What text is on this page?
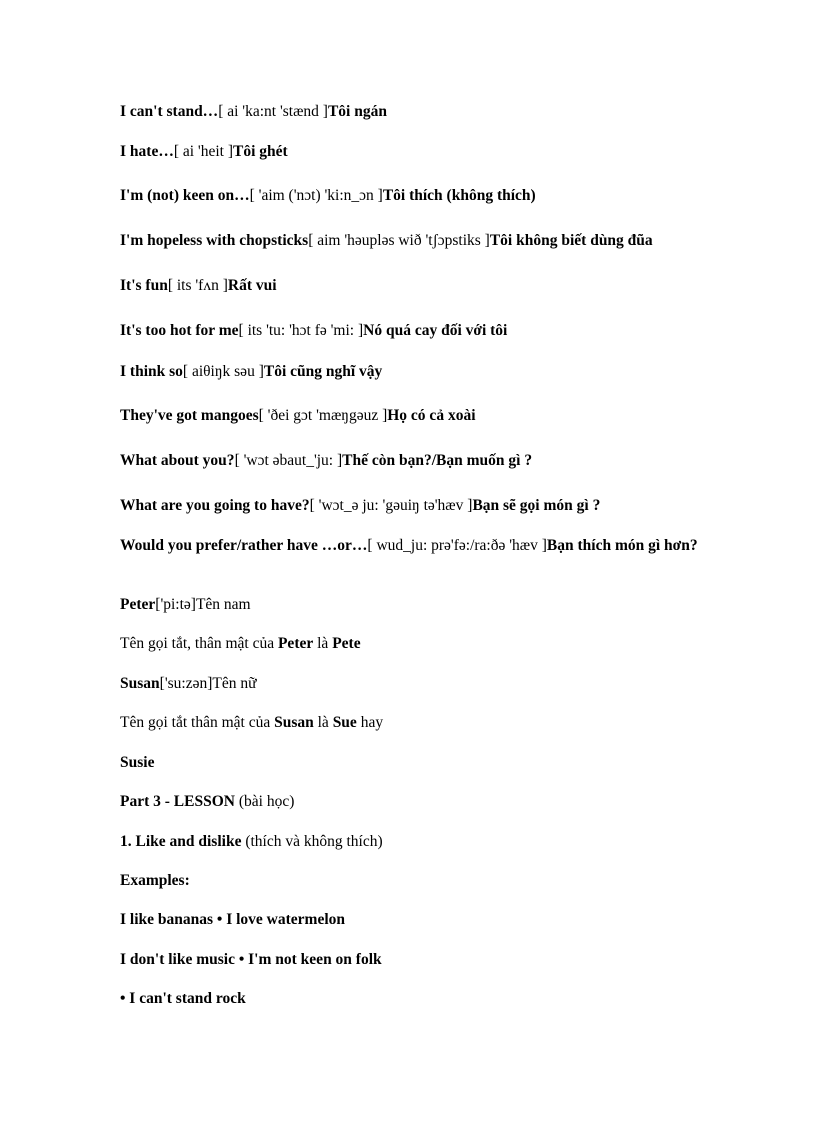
I can't stand…[ ai 'ka:nt 'stænd ]Tôi ngán

I hate…[ ai 'heit ]Tôi ghét

I'm (not) keen on…[ 'aim ('nɔt) 'ki:n_ɔn ]Tôi thích (không thích)

I'm hopeless with chopsticks[ aim 'həupləs wið 'tʃɔpstiks ]Tôi không biết dùng đũa

It's fun[ its 'fʌn ]Rất vui

It's too hot for me[ its 'tu: 'hɔt fə 'mi: ]Nó quá cay đối với tôi

I think so[ aiθiŋk səu ]Tôi cũng nghĩ vậy

They've got mangoes[ 'ðei gɔt 'mæŋgəuz ]Họ có cả xoài

What about you?[ 'wɔt əbaut_'ju: ]Thế còn bạn?/Bạn muốn gì ?

What are you going to have?[ 'wɔt_ə ju: 'gəuiŋ tə'hæv ]Bạn sẽ gọi món gì ?

Would you prefer/rather have …or…[ wud_ju: prə'fə:/ra:ðə 'hæv ]Bạn thích món gì hơn?

Peter['pi:tə]Tên nam

Tên gọi tắt, thân mật của Peter là Pete

Susan['su:zən]Tên nữ

Tên gọi tắt thân mật của Susan là Sue hay

Susie

Part 3 - LESSON (bài học)

1. Like and dislike (thích và không thích)

Examples:

I like bananas • I love watermelon

I don't like music • I'm not keen on folk

• I can't stand rock
